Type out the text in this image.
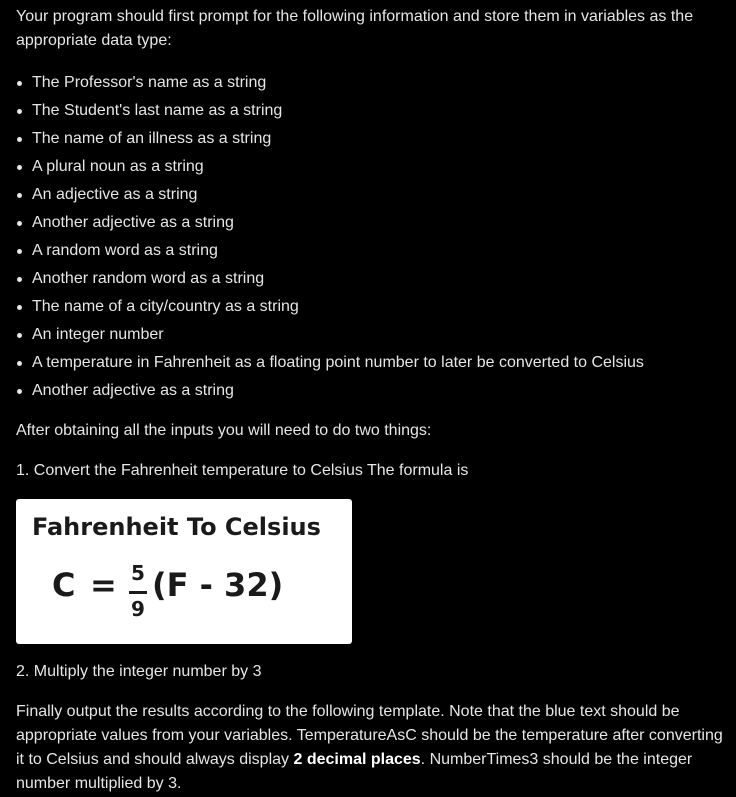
Your program should first prompt for the following information and store them in variables as the appropriate data type:

The Professor's name as a string
The Student's last name as a string
The name of an illness as a string
A plural noun as a string
An adjective as a string
Another adjective as a string
A random word as a string
Another random word as a string
The name of a city/country as a string
An integer number
A temperature in Fahrenheit as a floating point number to later be converted to Celsius
Another adjective as a string

After obtaining all the inputs you will need to do two things:

1. Convert the Fahrenheit temperature to Celsius The formula is

Fahrenheit To Celsius
C = 5
9
(F - 32)

2. Multiply the integer number by 3

Finally output the results according to the following template. Note that the blue text should be appropriate values from your variables. TemperatureAsC should be the temperature after converting it to Celsius and should always display 2 decimal places. NumberTimes3 should be the integer number multiplied by 3.
